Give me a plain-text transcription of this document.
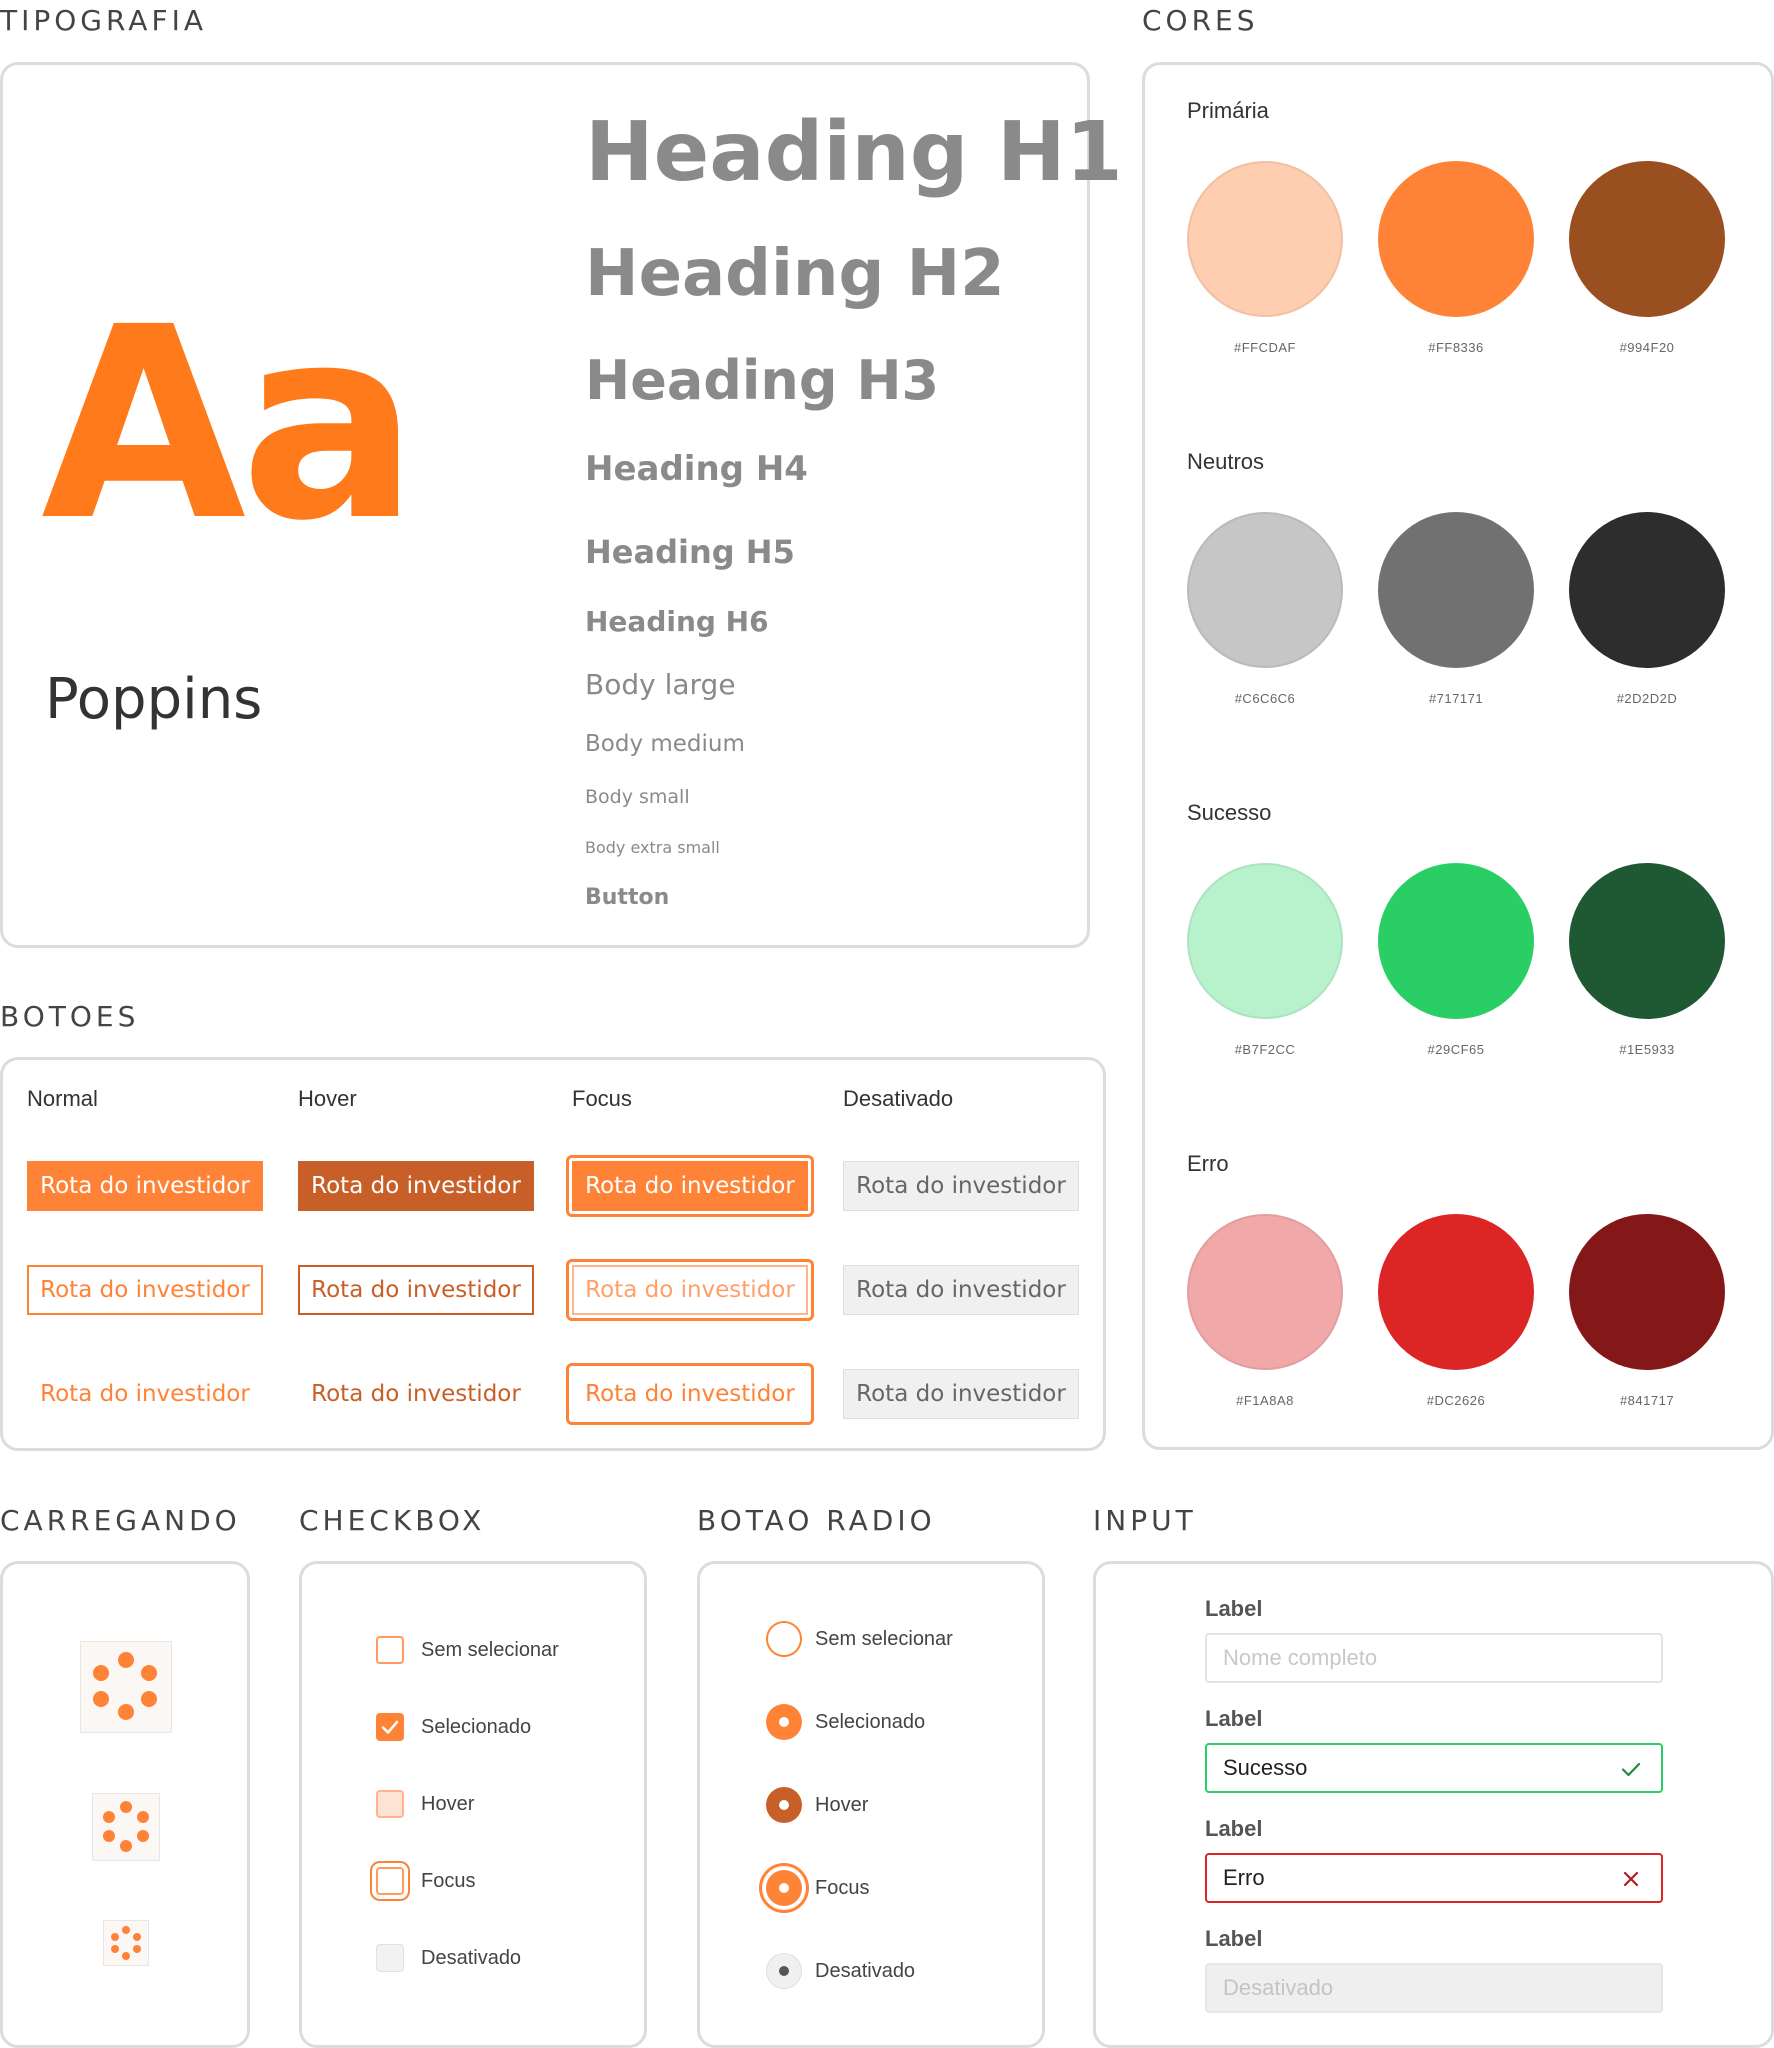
TIPOGRAFIA
Aa
Poppins
Heading H1
Heading H2
Heading H3
Heading H4
Heading H5
Heading H6
Body large
Body medium
Body small
Body extra small
Button
CORES
Primária
#FFCDAF	#FF8336	#994F20
Neutros
#C6C6C6	#717171	#2D2D2D
Sucesso
#B7F2CC	#29CF65	#1E5933
Erro
#F1A8A8	#DC2626	#841717
BOTOES
Normal	Hover	Focus	Desativado
Rota do investidor	Rota do investidor	Rota do investidor	Rota do investidor
Rota do investidor	Rota do investidor	Rota do investidor	Rota do investidor
Rota do investidor	Rota do investidor	Rota do investidor	Rota do investidor
CARREGANDO CHECKBOX
Sem selecionar
Selecionado
Hover
Focus
Desativado
BOTAO RADIO
Sem selecionar
Selecionado
Hover
Focus
Desativado
INPUT
Label
Nome completo
Label
Sucesso
Label
Erro
Label
Desativado
